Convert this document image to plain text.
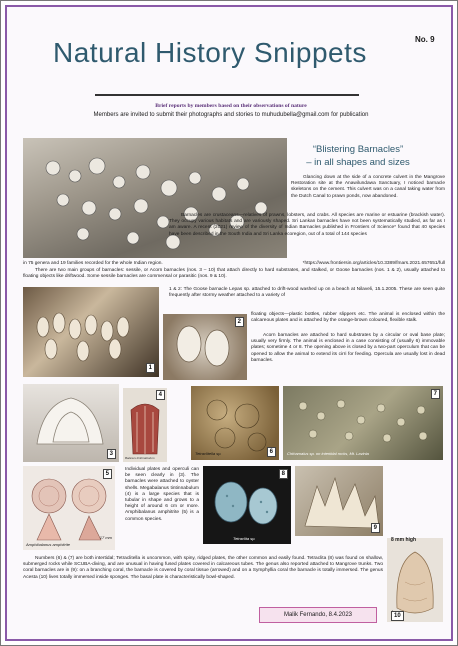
Natural History Snippets	No. 9
Brief reports by members based on their observations of nature
Members are invited to submit their photographs and stories to muhudubella@gmail.com for publication
“Blistering Barnacles”
– in all shapes and sizes
Glancing down at the side of a concrete culvert in the Mangrove Restoration site at the Anawilundawa Sanctuary, I noticed barnacle skeletons on the cement. This culvert was on a canal taking water from the Dutch Canal to prawn ponds, now abandoned.
Barnacles are crustaceans—relatives of prawns, lobsters, and crabs. All species are marine or estuarine (brackish water). They occupy various habitats and are variously shaped. Sri Lankan barnacles have not been systematically studied, as far as I am aware. A recent (2021) review of the diversity of Indian Barnacles published in Frontiers of Science* found that 40 species have been described in the South India and Sri Lanka ecoregion, out of a total of 144 species
in 75 genera and 19 families recorded for the whole Indian region.	*https://www.frontiersin.org/articles/10.3389/fmars.2021.657651/full
There are two main groups of barnacles: sessile, or Acorn barnacles (nos. 3 – 10) that attach directly to hard substrates, and stalked, or Goose barnacles (nos. 1 & 2), usually attached to floating objects like driftwood. Some sessile barnacles are commensal or parasitic (nos. 9 & 10).
1
2
1 & 2: The Goose barnacle Lepas sp. attached to drift-wood washed up on a beach at Nilaveli, 15.1.2005. These are seen quite frequently after stormy weather attached to a variety of
floating objects—plastic bottles, rubber slippers etc. The animal is enclosed within the calcareous plates and is attached by the orange-brown coloured, flexible stalk.
Acorn barnacles are attached to hard substrates by a circular or oval base plate; usually very firmly. The animal is enclosed in a case consisting of (usually 6) immovable plates; sometime 4 or 8. The opening above is closed by a two-part operculum that can be opened to allow the animal to extend its cirri for feeding. Opercula are usually lost in dead barnacles.
3
4
Balanus tintinnabulum
6
Tetraclitella sp.
7
Chthamalus sp. on intertidal rocks, Mt. Lavinia
5
Amphibalanus amphitrite
17 mm
Individual plates and operculi can be seen clearly in (3). The barnacles were attached to oyster shells. Megabalanus tintinnabulum (4) is a large species that is tubular in shape and grows to a height of around 6 cm or more. Amphibalanus amphitrite (5) is a common species.
8
Tetraclita sp.
9
10
8 mm high
Numbers (6) & (7) are both intertidal; Tetraclitella is uncommon, with spiny, ridged plates, the other common and easily found. Tetraclita (8) was found on shallow, submerged rocks while SCUBA-diving, and are unusual in having fused plates covered in calcareous tubes. The genus also reported attached to Mangrove trunks. Two coral barnacles are in (9): on a branching coral, the barnacle is covered by coral tissue (arrowed) and on a Symphyllia coral the barnacle is totally immersed. The genus Acesta (10) lives totally immersed inside sponges. The basal plate is characteristically bowl-shaped.
Malik Fernando, 8.4.2023
